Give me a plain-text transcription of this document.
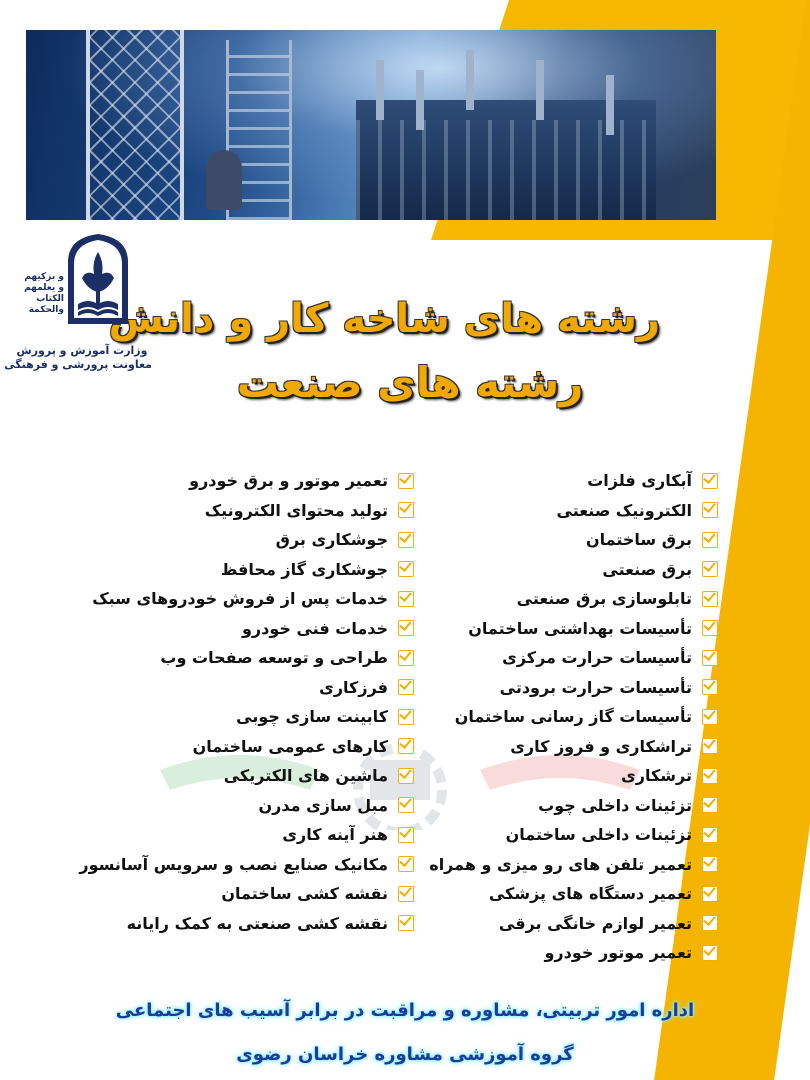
و بزکیهم
و یعلمهم
الکتاب
والحکمة
وزارت آموزش و پرورش
معاونت پرورشی و فرهنگی
رشته های شاخه کار و دانش
رشته های صنعت
آبکاری فلزات
الکترونیک صنعتی
برق ساختمان
برق صنعتی
تابلوسازی برق صنعتی
تأسیسات بهداشتی ساختمان
تأسیسات حرارت مرکزی
تأسیسات حرارت برودتی
تأسیسات گاز رسانی ساختمان
تراشکاری و فروز کاری
ترشکاری
تزئینات داخلی چوب
تزئینات داخلی ساختمان
تعمیر تلفن های رو میزی و همراه
تعمیر دستگاه های پزشکی
تعمیر لوازم خانگی برقی
تعمیر موتور خودرو
تعمیر موتور و برق خودرو
تولید محتوای الکترونیک
جوشکاری برق
جوشکاری گاز محافظ
خدمات پس از فروش خودروهای سبک
خدمات فنی خودرو
طراحی و توسعه صفحات وب
فرزکاری
کابینت سازی چوبی
کارهای عمومی ساختمان
ماشین های الکتریکی
مبل سازی مدرن
هنر آینه کاری
مکانیک صنایع نصب و سرویس آسانسور
نقشه کشی ساختمان
نقشه کشی صنعتی به کمک رایانه
اداره امور تربیتی، مشاوره و مراقبت در برابر آسیب های اجتماعی
گروه آموزشی مشاوره خراسان رضوی
